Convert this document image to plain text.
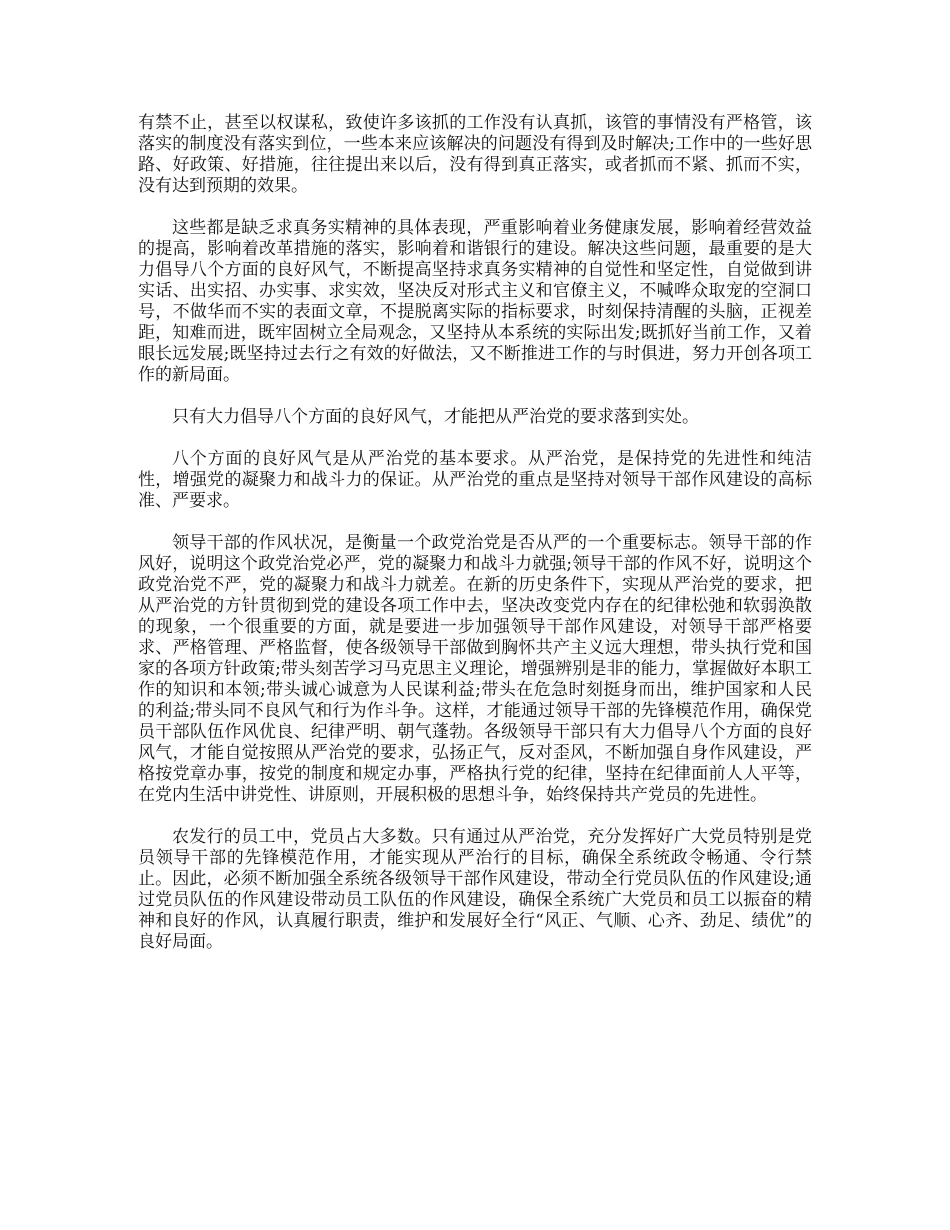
有禁不止，甚至以权谋私，致使许多该抓的工作没有认真抓，该管的事情没有严格管，该落实的制度没有落实到位，一些本来应该解决的问题没有得到及时解决;工作中的一些好思路、好政策、好措施，往往提出来以后，没有得到真正落实，或者抓而不紧、抓而不实，没有达到预期的效果。

这些都是缺乏求真务实精神的具体表现，严重影响着业务健康发展，影响着经营效益的提高，影响着改革措施的落实，影响着和谐银行的建设。解决这些问题，最重要的是大力倡导八个方面的良好风气，不断提高坚持求真务实精神的自觉性和坚定性，自觉做到讲实话、出实招、办实事、求实效，坚决反对形式主义和官僚主义，不喊哗众取宠的空洞口号，不做华而不实的表面文章，不提脱离实际的指标要求，时刻保持清醒的头脑，正视差距，知难而进，既牢固树立全局观念，又坚持从本系统的实际出发;既抓好当前工作，又着眼长远发展;既坚持过去行之有效的好做法，又不断推进工作的与时俱进，努力开创各项工作的新局面。

只有大力倡导八个方面的良好风气，才能把从严治党的要求落到实处。

八个方面的良好风气是从严治党的基本要求。从严治党，是保持党的先进性和纯洁性，增强党的凝聚力和战斗力的保证。从严治党的重点是坚持对领导干部作风建设的高标准、严要求。

领导干部的作风状况，是衡量一个政党治党是否从严的一个重要标志。领导干部的作风好，说明这个政党治党必严，党的凝聚力和战斗力就强;领导干部的作风不好，说明这个政党治党不严，党的凝聚力和战斗力就差。在新的历史条件下，实现从严治党的要求，把从严治党的方针贯彻到党的建设各项工作中去，坚决改变党内存在的纪律松弛和软弱涣散的现象，一个很重要的方面，就是要进一步加强领导干部作风建设，对领导干部严格要求、严格管理、严格监督，使各级领导干部做到胸怀共产主义远大理想，带头执行党和国家的各项方针政策;带头刻苦学习马克思主义理论，增强辨别是非的能力，掌握做好本职工作的知识和本领;带头诚心诚意为人民谋利益;带头在危急时刻挺身而出，维护国家和人民的利益;带头同不良风气和行为作斗争。这样，才能通过领导干部的先锋模范作用，确保党员干部队伍作风优良、纪律严明、朝气蓬勃。各级领导干部只有大力倡导八个方面的良好风气，才能自觉按照从严治党的要求，弘扬正气，反对歪风，不断加强自身作风建设，严格按党章办事，按党的制度和规定办事，严格执行党的纪律，坚持在纪律面前人人平等，在党内生活中讲党性、讲原则，开展积极的思想斗争，始终保持共产党员的先进性。

农发行的员工中，党员占大多数。只有通过从严治党，充分发挥好广大党员特别是党员领导干部的先锋模范作用，才能实现从严治行的目标，确保全系统政令畅通、令行禁止。因此，必须不断加强全系统各级领导干部作风建设，带动全行党员队伍的作风建设;通过党员队伍的作风建设带动员工队伍的作风建设，确保全系统广大党员和员工以振奋的精神和良好的作风，认真履行职责，维护和发展好全行“风正、气顺、心齐、劲足、绩优”的良好局面。
